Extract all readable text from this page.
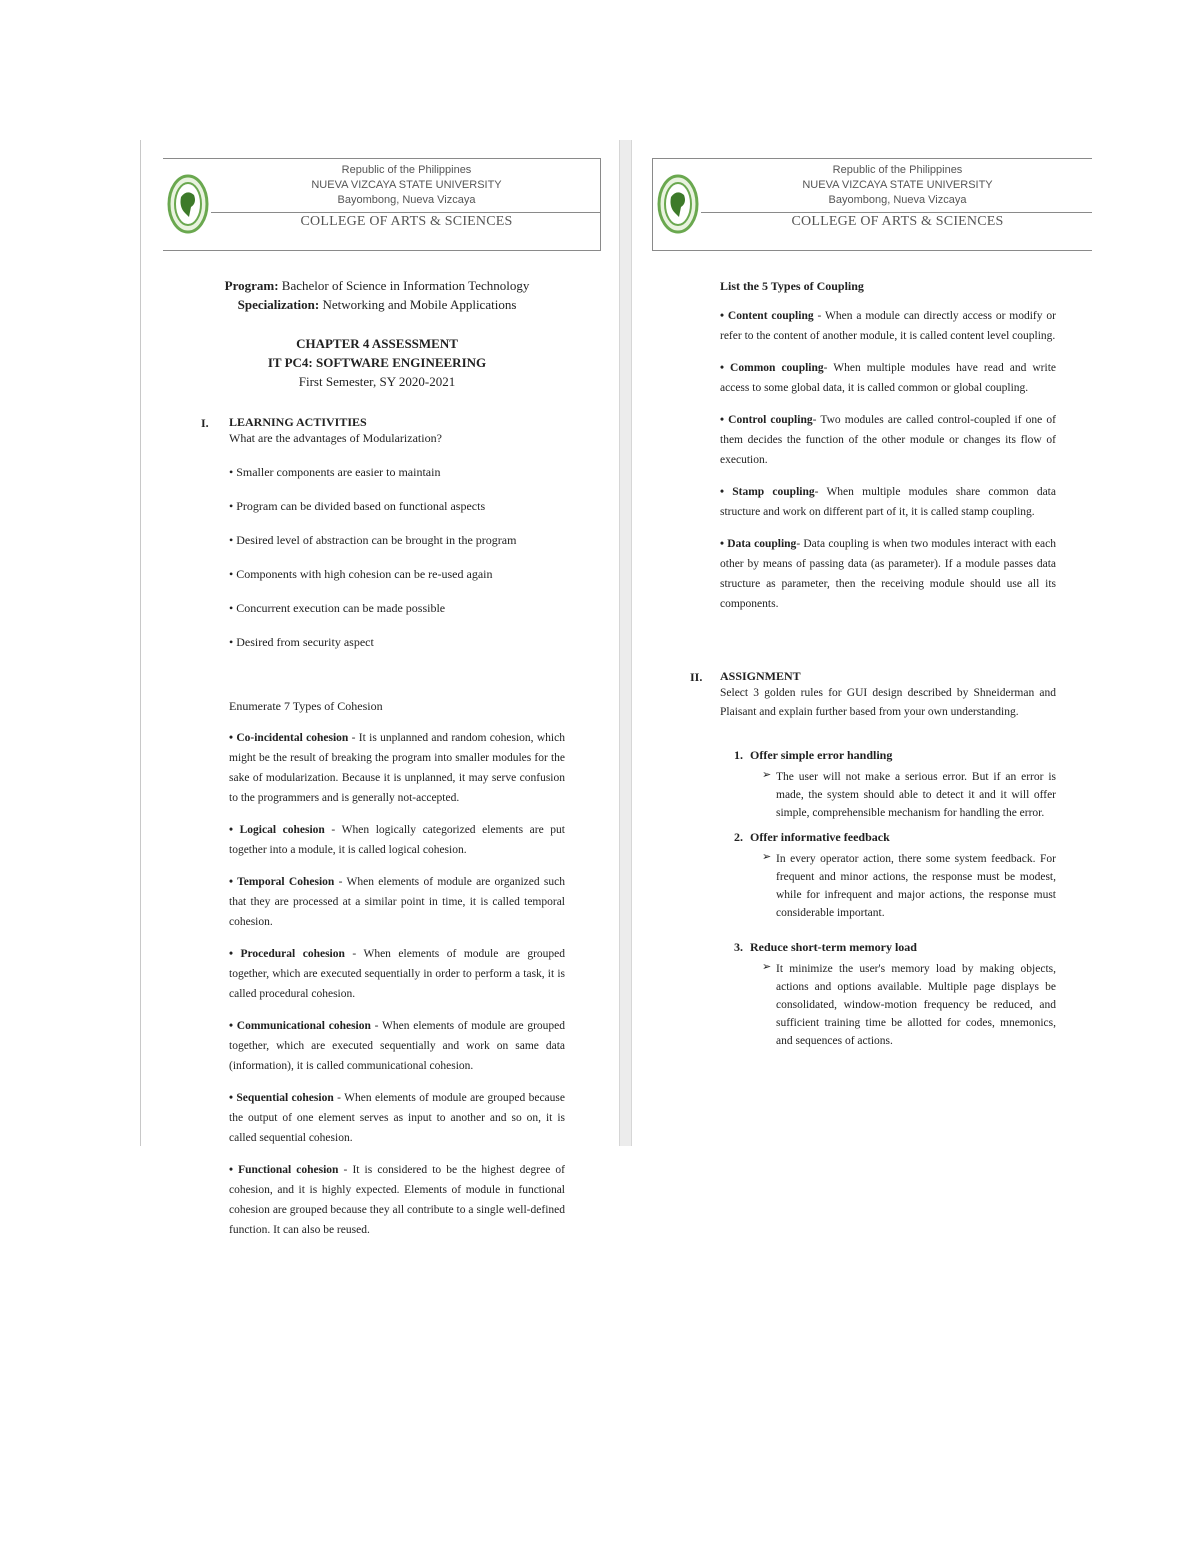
Republic of the Philippines
NUEVA VIZCAYA STATE UNIVERSITY
Bayombong, Nueva Vizcaya
COLLEGE OF ARTS & SCIENCES
Program: Bachelor of Science in Information Technology
Specialization: Networking and Mobile Applications
CHAPTER 4 ASSESSMENT
IT PC4: SOFTWARE ENGINEERING
First Semester, SY 2020-2021
I. LEARNING ACTIVITIES
What are the advantages of Modularization?
• Smaller components are easier to maintain
• Program can be divided based on functional aspects
• Desired level of abstraction can be brought in the program
• Components with high cohesion can be re-used again
• Concurrent execution can be made possible
• Desired from security aspect
Enumerate 7 Types of Cohesion
• Co-incidental cohesion - It is unplanned and random cohesion, which might be the result of breaking the program into smaller modules for the sake of modularization. Because it is unplanned, it may serve confusion to the programmers and is generally not-accepted.
• Logical cohesion - When logically categorized elements are put together into a module, it is called logical cohesion.
• Temporal Cohesion - When elements of module are organized such that they are processed at a similar point in time, it is called temporal cohesion.
• Procedural cohesion - When elements of module are grouped together, which are executed sequentially in order to perform a task, it is called procedural cohesion.
• Communicational cohesion - When elements of module are grouped together, which are executed sequentially and work on same data (information), it is called communicational cohesion.
• Sequential cohesion - When elements of module are grouped because the output of one element serves as input to another and so on, it is called sequential cohesion.
• Functional cohesion - It is considered to be the highest degree of cohesion, and it is highly expected. Elements of module in functional cohesion are grouped because they all contribute to a single well-defined function. It can also be reused.
Republic of the Philippines
NUEVA VIZCAYA STATE UNIVERSITY
Bayombong, Nueva Vizcaya
COLLEGE OF ARTS & SCIENCES
List the 5 Types of Coupling
• Content coupling - When a module can directly access or modify or refer to the content of another module, it is called content level coupling.
• Common coupling- When multiple modules have read and write access to some global data, it is called common or global coupling.
• Control coupling- Two modules are called control-coupled if one of them decides the function of the other module or changes its flow of execution.
• Stamp coupling- When multiple modules share common data structure and work on different part of it, it is called stamp coupling.
• Data coupling- Data coupling is when two modules interact with each other by means of passing data (as parameter). If a module passes data structure as parameter, then the receiving module should use all its components.
II. ASSIGNMENT
Select 3 golden rules for GUI design described by Shneiderman and Plaisant and explain further based from your own understanding.
1. Offer simple error handling
➢ The user will not make a serious error. But if an error is made, the system should able to detect it and it will offer simple, comprehensible mechanism for handling the error.
2. Offer informative feedback
➢ In every operator action, there some system feedback. For frequent and minor actions, the response must be modest, while for infrequent and major actions, the response must considerable important.
3. Reduce short-term memory load
➢ It minimize the user's memory load by making objects, actions and options available. Multiple page displays be consolidated, window-motion frequency be reduced, and sufficient training time be allotted for codes, mnemonics, and sequences of actions.
